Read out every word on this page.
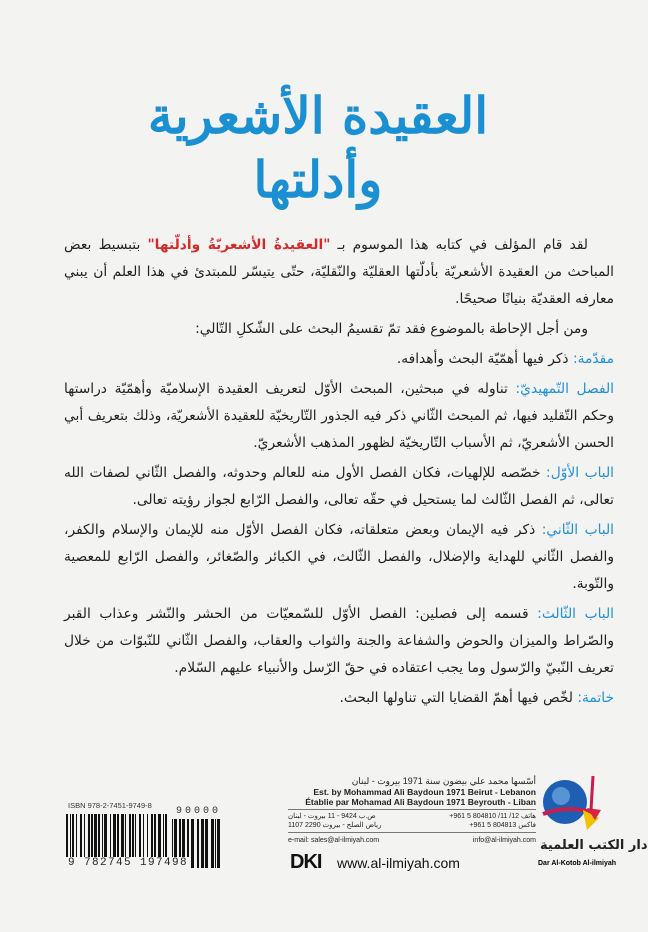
العقيدة الأشعرية
وأدلتها

لقد قام المؤلف في كتابه هذا الموسوم بـ "العقيدةُ الأشعريّةُ وأدلّتها" بتبسيط بعض المباحث من العقيدة الأشعريّة بأدلّتها العقليّة والنّقليّة، حتّى يتيسّر للمبتدئ في هذا العلم أن يبني معارفه العقديّة بنيانًا صحيحًا.

ومن أجل الإحاطة بالموضوع فقد تمّ تقسيمُ البحث على الشّكلِ التّالي:

مقدّمة: ذكر فيها أهمّيّة البحث وأهدافه.

الفصل التّمهيديّ: تناوله في مبحثين، المبحث الأوّل لتعريف العقيدة الإسلاميّة وأهمّيّة دراستها وحكم التّقليد فيها، ثم المبحث الثّاني ذكر فيه الجذور التّاريخيّة للعقيدة الأشعريّة، وذلك بتعريف أبي الحسن الأشعريّ، ثم الأسباب التّاريخيّة لظهور المذهب الأشعريّ.

الباب الأوّل: خصّصه للإلهيات، فكان الفصل الأول منه للعالم وحدوثه، والفصل الثّاني لصفات الله تعالى، ثم الفصل الثّالث لما يستحيل في حقّه تعالى، والفصل الرّابع لجواز رؤيته تعالى.

الباب الثّاني: ذكر فيه الإيمان وبعض متعلقاته، فكان الفصل الأوّل منه للإيمان والإسلام والكفر، والفصل الثّاني للهداية والإضلال، والفصل الثّالث، في الكبائر والصّغائر، والفصل الرّابع للمعصية والتّوبة.

الباب الثّالث: قسمه إلى فصلين: الفصل الأوّل للسّمعيّات من الحشر والنّشر وعذاب القبر والصّراط والميزان والحوض والشفاعة والجنة والثواب والعقاب، والفصل الثّاني للنّبوّات من خلال تعريف النّبيّ والرّسول وما يجب اعتقاده في حقّ الرّسل والأنبياء عليهم السّلام.

خاتمة: لخّص فيها أهمّ القضايا التي تناولها البحث.

ISBN 978-2-7451-9749-8
90000
9 782745 197498
أسّسها محمد علي بيضون سنة 1971 بيروت - لبنان
Est. by Mohammad Ali Baydoun 1971 Beirut - Lebanon
Établie par Mohamad Ali Baydoun 1971 Beyrouth - Liban
هاتف 12/ 11/ 804810 5 961+
ص.ب 9424 - 11 بيروت - لبنان
فاكس 804813 5 961+
رياض الصلح - بيروت 2290 1107
e-mail: sales@al-ilmiyah.com	info@al-ilmiyah.com
DKI www.al-ilmiyah.com
دار الكتب العلمية
Dar Al-Kotob Al-ilmiyah
